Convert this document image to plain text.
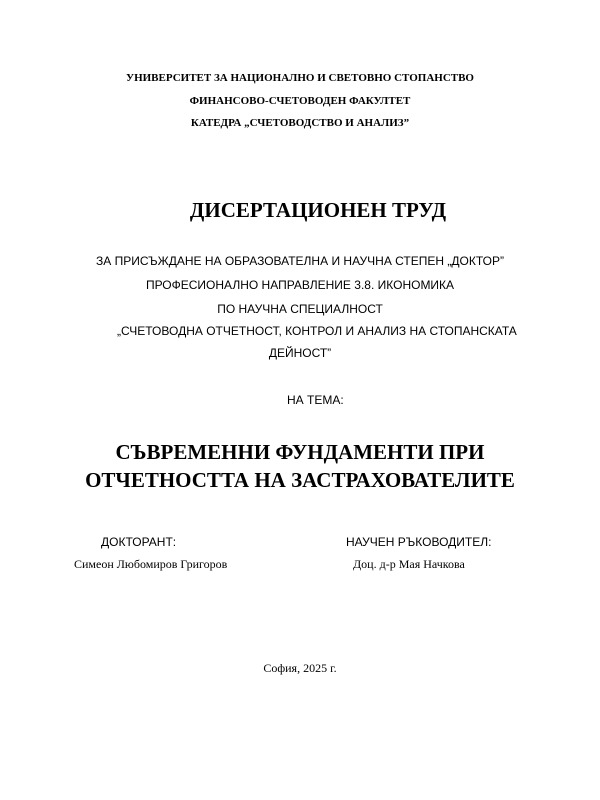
УНИВЕРСИТЕТ ЗА НАЦИОНАЛНО И СВЕТОВНО СТОПАНСТВО
ФИНАНСОВО-СЧЕТОВОДЕН ФАКУЛТЕТ
КАТЕДРА „СЧЕТОВОДСТВО И АНАЛИЗ”
ДИСЕРТАЦИОНЕН ТРУД
ЗА ПРИСЪЖДАНЕ НА ОБРАЗОВАТЕЛНА И НАУЧНА СТЕПЕН „ДОКТОР”
ПРОФЕСИОНАЛНО НАПРАВЛЕНИЕ 3.8. ИКОНОМИКА
ПО НАУЧНА СПЕЦИАЛНОСТ
„СЧЕТОВОДНА ОТЧЕТНОСТ, КОНТРОЛ И АНАЛИЗ НА СТОПАНСКАТА
ДЕЙНОСТ”
НА ТЕМА:
СЪВРЕМЕННИ ФУНДАМЕНТИ ПРИ
ОТЧЕТНОСТТА НА ЗАСТРАХОВАТЕЛИТЕ
ДОКТОРАНТ:
Симеон Любомиров Григоров
НАУЧЕН РЪКОВОДИТЕЛ:
Доц. д-р Мая Начкова
София, 2025 г.
